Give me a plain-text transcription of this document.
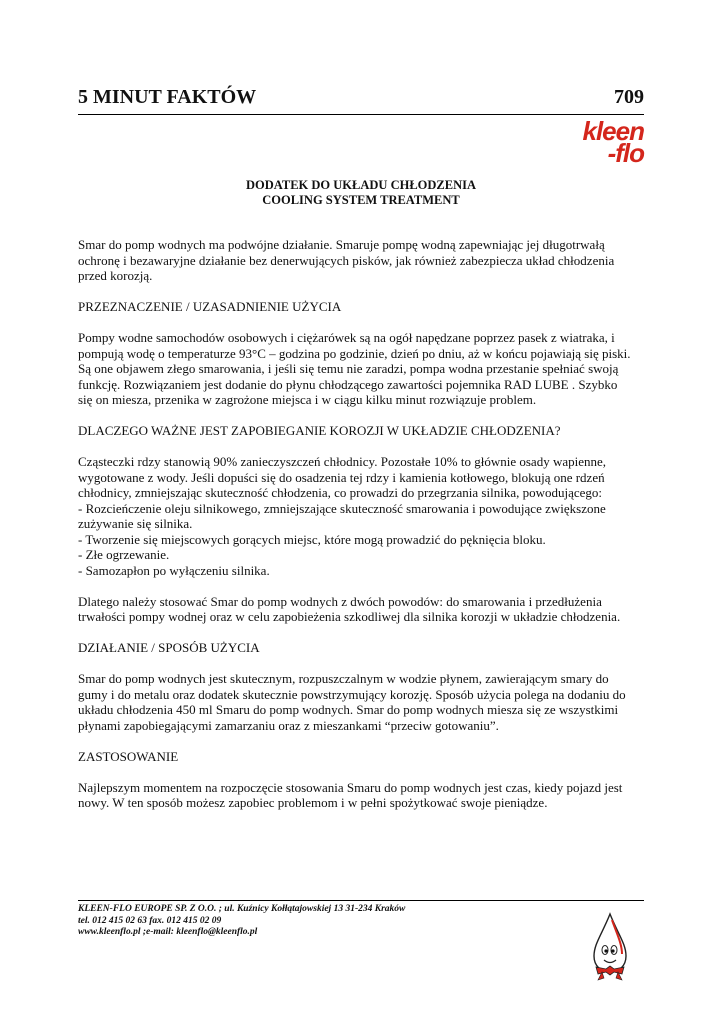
5 MINUT FAKTÓW	709
kleen
-flo
DODATEK DO UKŁADU CHŁODZENIA
COOLING SYSTEM TREATMENT

Smar do pomp wodnych ma podwójne działanie. Smaruje pompę wodną zapewniając jej długotrwałą
ochronę i bezawaryjne działanie bez denerwujących pisków, jak również zabezpiecza układ chłodzenia
przed korozją.

PRZEZNACZENIE / UZASADNIENIE UŻYCIA

Pompy wodne samochodów osobowych i ciężarówek są na ogół napędzane poprzez pasek z wiatraka, i
pompują wodę o temperaturze 93°C – godzina po godzinie, dzień po dniu, aż w końcu pojawiają się piski.
Są one objawem złego smarowania, i jeśli się temu nie zaradzi, pompa wodna przestanie spełniać swoją
funkcję. Rozwiązaniem jest dodanie do płynu chłodzącego zawartości pojemnika RAD LUBE . Szybko
się on miesza, przenika w zagrożone miejsca i w ciągu kilku minut rozwiązuje problem.

DLACZEGO WAŻNE JEST ZAPOBIEGANIE KOROZJI W UKŁADZIE CHŁODZENIA?

Cząsteczki rdzy stanowią 90% zanieczyszczeń chłodnicy. Pozostałe 10% to głównie osady wapienne,
wygotowane z wody. Jeśli dopuści się do osadzenia tej rdzy i kamienia kotłowego, blokują one rdzeń
chłodnicy, zmniejszając skuteczność chłodzenia, co prowadzi do przegrzania silnika, powodującego:
- Rozcieńczenie oleju silnikowego, zmniejszające skuteczność smarowania i powodujące zwiększone
zużywanie się silnika.
- Tworzenie się miejscowych gorących miejsc, które mogą prowadzić do pęknięcia bloku.
- Złe ogrzewanie.
- Samozapłon po wyłączeniu silnika.

Dlatego należy stosować Smar do pomp wodnych z dwóch powodów: do smarowania i przedłużenia
trwałości pompy wodnej oraz w celu zapobieżenia szkodliwej dla silnika korozji w układzie chłodzenia.

DZIAŁANIE / SPOSÓB UŻYCIA

Smar do pomp wodnych jest skutecznym, rozpuszczalnym w wodzie płynem, zawierającym smary do
gumy i do metalu oraz dodatek skutecznie powstrzymujący korozję. Sposób użycia polega na dodaniu do
układu chłodzenia 450 ml Smaru do pomp wodnych. Smar do pomp wodnych miesza się ze wszystkimi
płynami zapobiegającymi zamarzaniu oraz z mieszankami “przeciw gotowaniu”.

ZASTOSOWANIE

Najlepszym momentem na rozpoczęcie stosowania Smaru do pomp wodnych jest czas, kiedy pojazd jest
nowy. W ten sposób możesz zapobiec problemom i w pełni spożytkować swoje pieniądze.

KLEEN-FLO EUROPE SP. Z O.O. ; ul. Kuźnicy Kołłątajowskiej 13 31-234 Kraków
tel. 012 415 02 63 fax. 012 415 02 09
www.kleenflo.pl ;e-mail: kleenflo@kleenflo.pl
